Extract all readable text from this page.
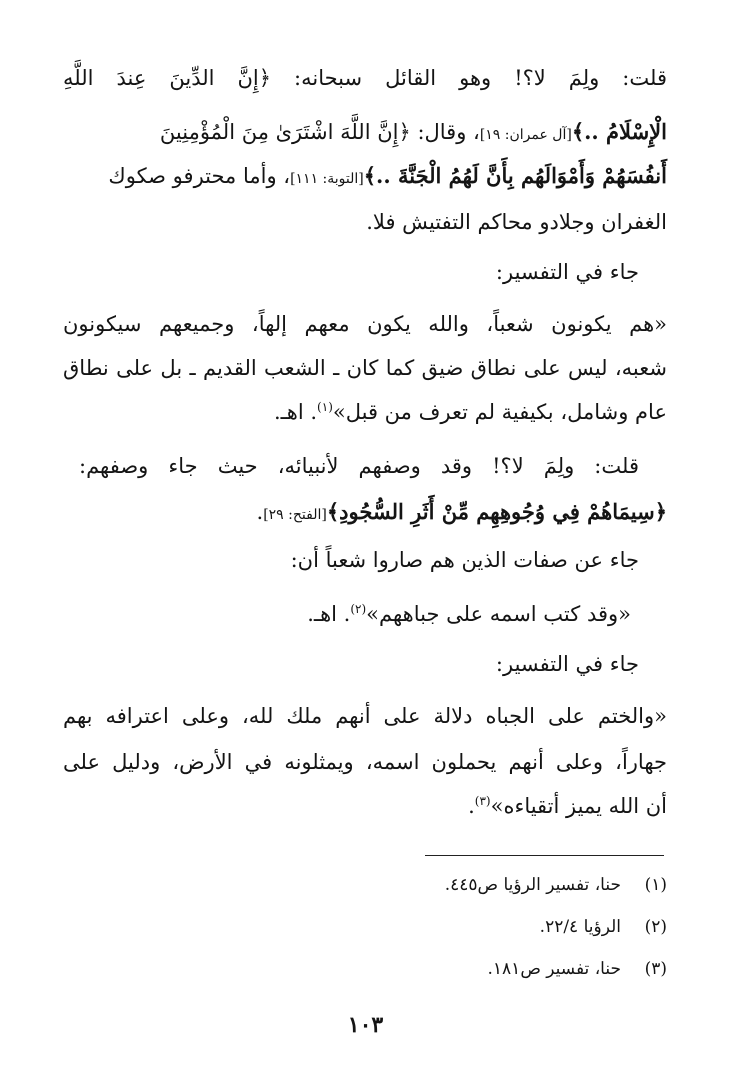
قلت: ولِمَ لا؟! وهو القائل سبحانه: ﴿إِنَّ الدِّينَ عِندَ اللَّهِ
الْإِسْلَامُ ..﴾[آل عمران: ١٩]، وقال: ﴿إِنَّ اللَّهَ اشْتَرَىٰ مِنَ الْمُؤْمِنِينَ
أَنفُسَهُمْ وَأَمْوَالَهُم بِأَنَّ لَهُمُ الْجَنَّةَ ..﴾[التوبة: ١١١]، وأما محترفو صكوك
الغفران وجلادو محاكم التفتيش فلا.
جاء في التفسير:
«هم يكونون شعباً، والله يكون معهم إلهاً، وجميعهم سيكونون
شعبه، ليس على نطاق ضيق كما كان ـ الشعب القديم ـ بل على نطاق
عام وشامل، بكيفية لم تعرف من قبل»$^{(١)}$. اهـ.
قلت: ولِمَ لا؟! وقد وصفهم لأنبيائه، حيث جاء وصفهم:
﴿سِيمَاهُمْ فِي وُجُوهِهِم مِّنْ أَثَرِ السُّجُودِ﴾[الفتح: ٢٩].
جاء عن صفات الذين هم صاروا شعباً أن:
«وقد كتب اسمه على جباههم»$^{(٢)}$. اهـ.
جاء في التفسير:
«والختم على الجباه دلالة على أنهم ملك لله، وعلى اعترافه بهم
جهاراً، وعلى أنهم يحملون اسمه، ويمثلونه في الأرض، ودليل على
أن الله يميز أتقياءه»$^{(٣)}$.
(١)حنا، تفسير الرؤيا ص٤٤٥.
(٢)الرؤيا ٢٢/٤.
(٣)حنا، تفسير ص١٨١.
١٠٣
